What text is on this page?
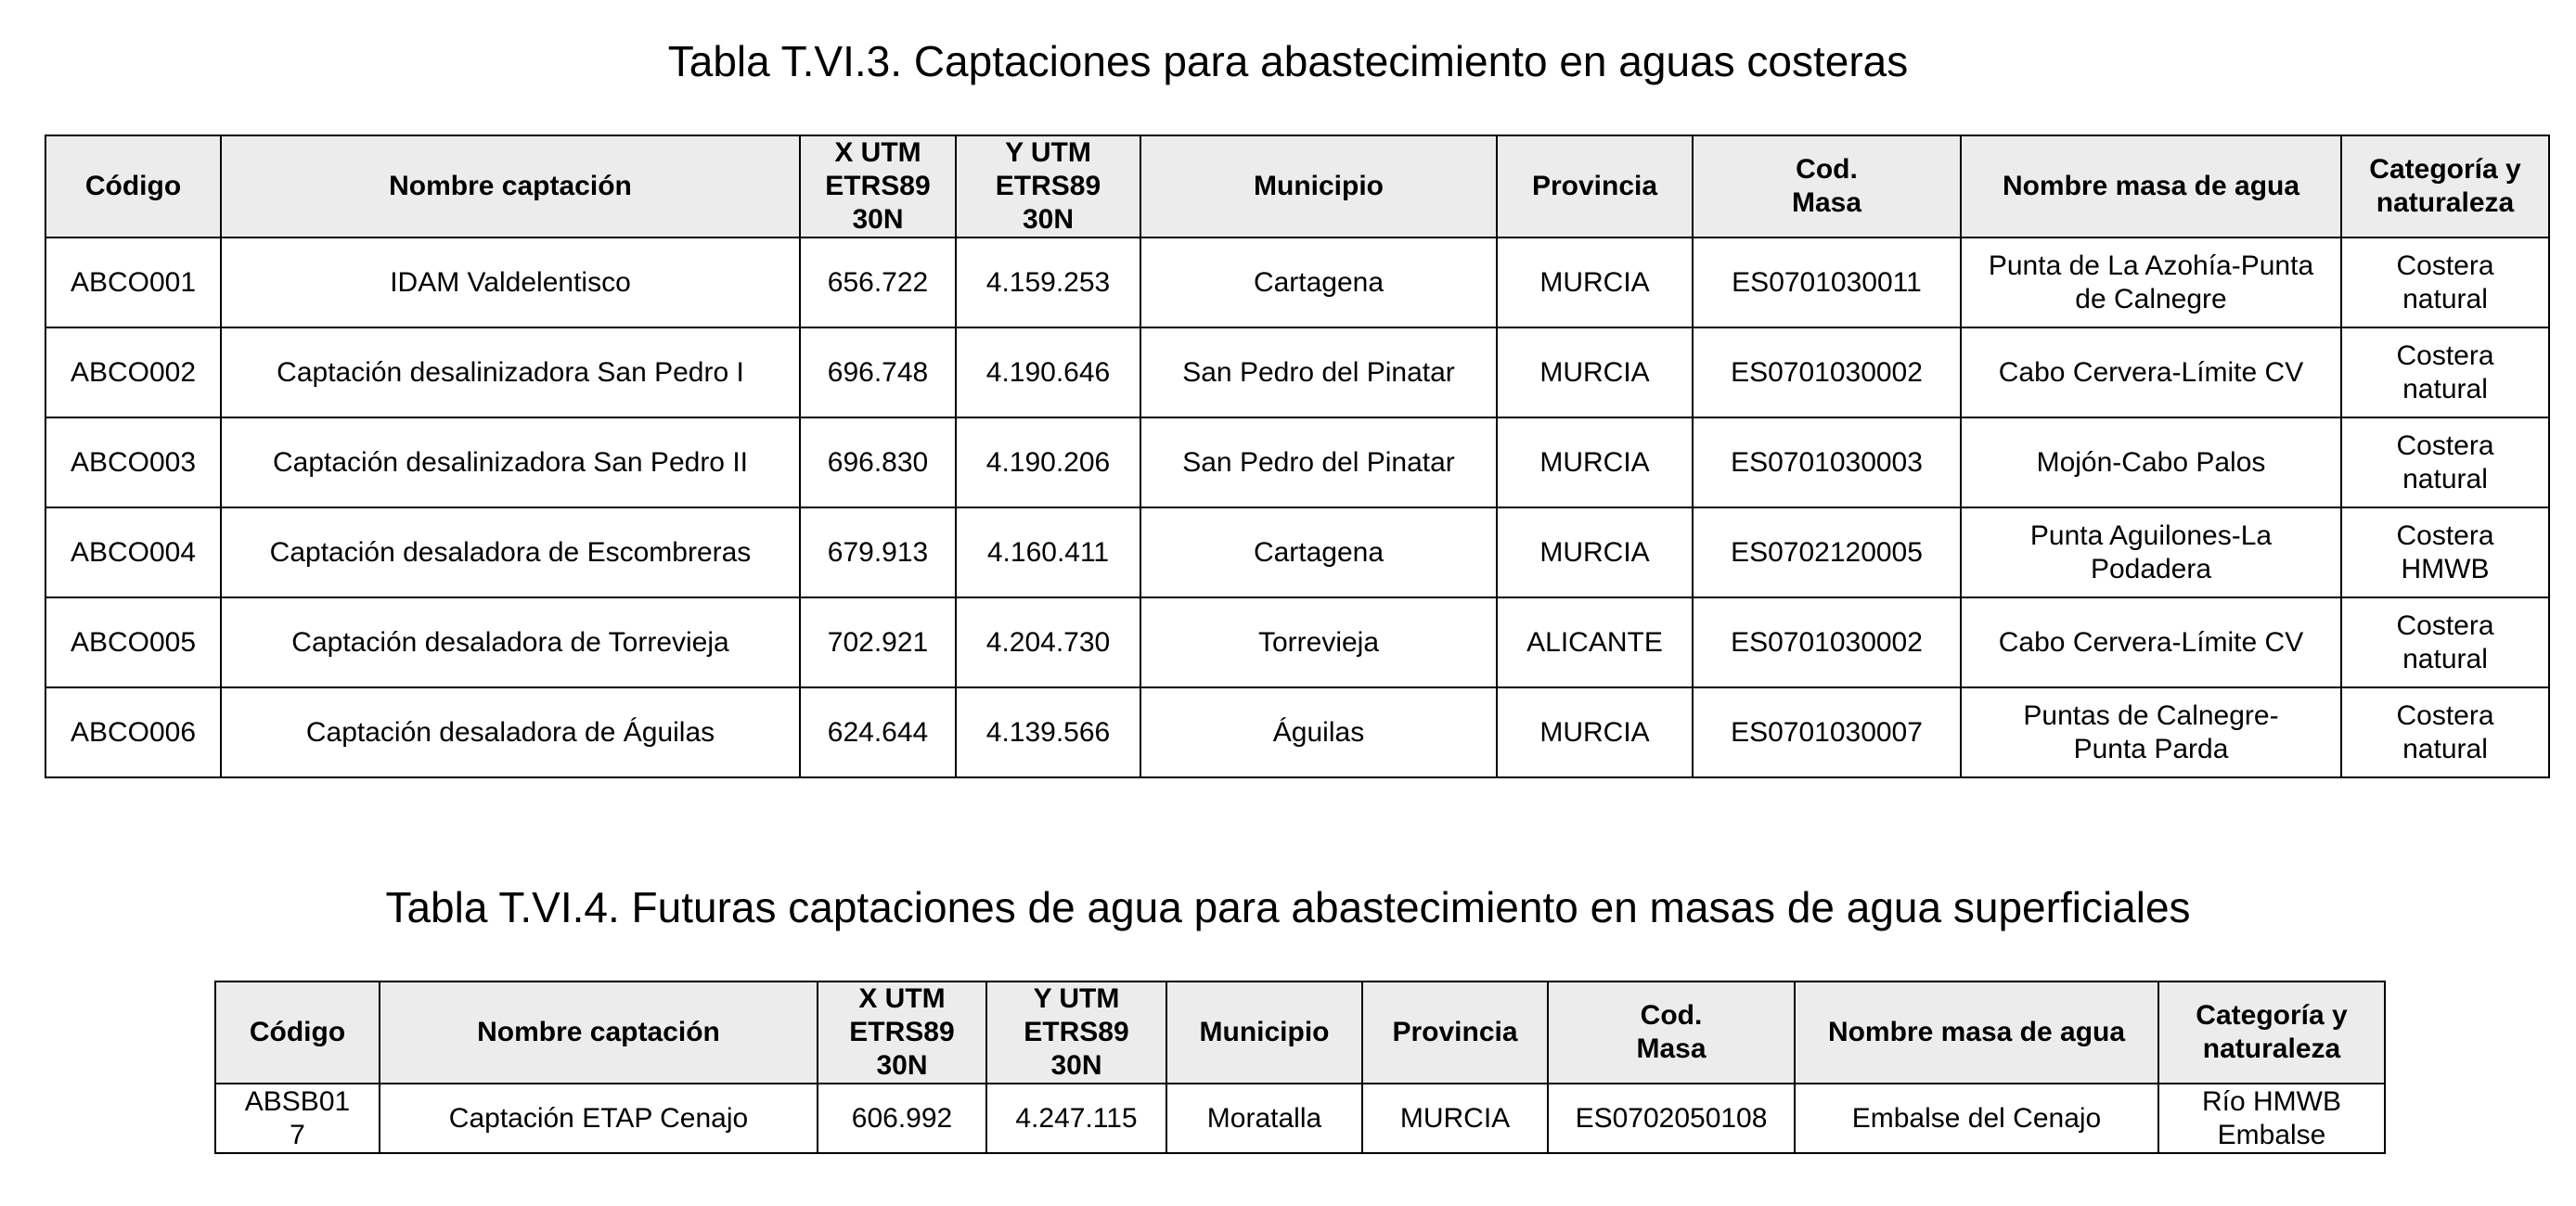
Tabla T.VI.3. Captaciones para abastecimiento en aguas costeras
Código	Nombre captación	X UTM
ETRS89
30N	Y UTM
ETRS89
30N	Municipio	Provincia	Cod.
Masa	Nombre masa de agua	Categoría y
naturaleza
ABCO001	IDAM Valdelentisco	656.722	4.159.253	Cartagena	MURCIA	ES0701030011	Punta de La Azohía-Punta
de Calnegre	Costera
natural
ABCO002	Captación desalinizadora San Pedro I	696.748	4.190.646	San Pedro del Pinatar	MURCIA	ES0701030002	Cabo Cervera-Límite CV	Costera
natural
ABCO003	Captación desalinizadora San Pedro II	696.830	4.190.206	San Pedro del Pinatar	MURCIA	ES0701030003	Mojón-Cabo Palos	Costera
natural
ABCO004	Captación desaladora de Escombreras	679.913	4.160.411	Cartagena	MURCIA	ES0702120005	Punta Aguilones-La
Podadera	Costera
HMWB
ABCO005	Captación desaladora de Torrevieja	702.921	4.204.730	Torrevieja	ALICANTE	ES0701030002	Cabo Cervera-Límite CV	Costera
natural
ABCO006	Captación desaladora de Águilas	624.644	4.139.566	Águilas	MURCIA	ES0701030007	Puntas de Calnegre-
Punta Parda	Costera
natural
Tabla T.VI.4. Futuras captaciones de agua para abastecimiento en masas de agua superficiales
Código	Nombre captación	X UTM
ETRS89
30N	Y UTM
ETRS89
30N	Municipio	Provincia	Cod.
Masa	Nombre masa de agua	Categoría y
naturaleza
ABSB01
7	Captación ETAP Cenajo	606.992	4.247.115	Moratalla	MURCIA	ES0702050108	Embalse del Cenajo	Río HMWB
Embalse
